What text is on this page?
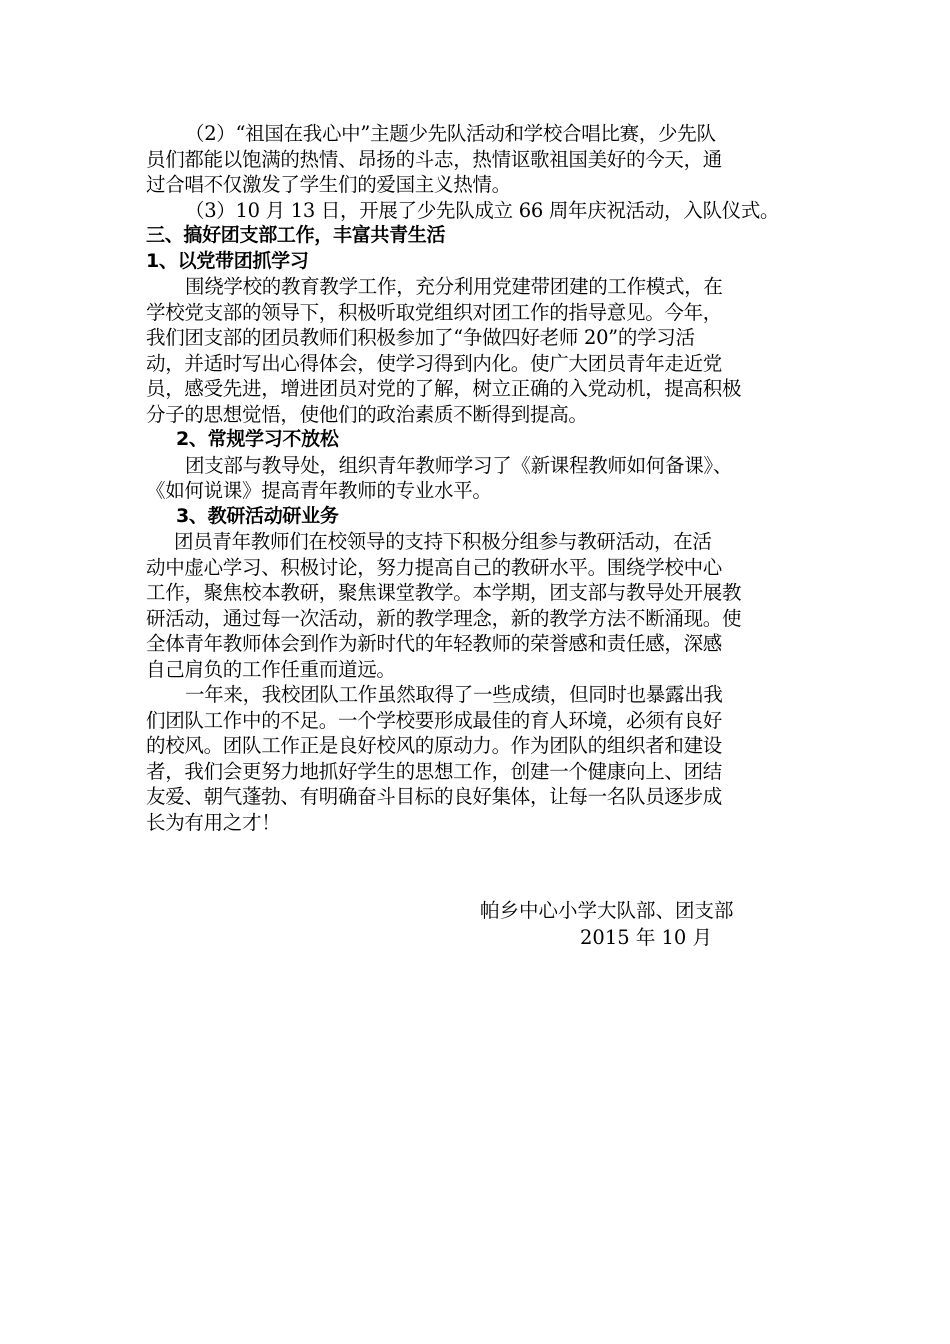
（2）“祖国在我心中”主题少先队活动和学校合唱比赛，少先队
员们都能以饱满的热情、昂扬的斗志，热情讴歌祖国美好的今天，通
过合唱不仅激发了学生们的爱国主义热情。
（3）10 月 13 日，开展了少先队成立 66 周年庆祝活动，入队仪式。
三、搞好团支部工作，丰富共青生活
1、以党带团抓学习
围绕学校的教育教学工作，充分利用党建带团建的工作模式，在
学校党支部的领导下，积极听取党组织对团工作的指导意见。今年，
我们团支部的团员教师们积极参加了“争做四好老师 20”的学习活
动，并适时写出心得体会，使学习得到内化。使广大团员青年走近党
员，感受先进，增进团员对党的了解，树立正确的入党动机，提高积极
分子的思想觉悟，使他们的政治素质不断得到提高。
2、常规学习不放松
团支部与教导处，组织青年教师学习了《新课程教师如何备课》、
《如何说课》提高青年教师的专业水平。
3、教研活动研业务
团员青年教师们在校领导的支持下积极分组参与教研活动，在活
动中虚心学习、积极讨论，努力提高自己的教研水平。围绕学校中心
工作，聚焦校本教研，聚焦课堂教学。本学期，团支部与教导处开展教
研活动，通过每一次活动，新的教学理念，新的教学方法不断涌现。使
全体青年教师体会到作为新时代的年轻教师的荣誉感和责任感，深感
自己肩负的工作任重而道远。
一年来，我校团队工作虽然取得了一些成绩，但同时也暴露出我
们团队工作中的不足。一个学校要形成最佳的育人环境，必须有良好
的校风。团队工作正是良好校风的原动力。作为团队的组织者和建设
者，我们会更努力地抓好学生的思想工作，创建一个健康向上、团结
友爱、朝气蓬勃、有明确奋斗目标的良好集体，让每一名队员逐步成
长为有用之才！
帕乡中心小学大队部、团支部
2015 年 10 月
